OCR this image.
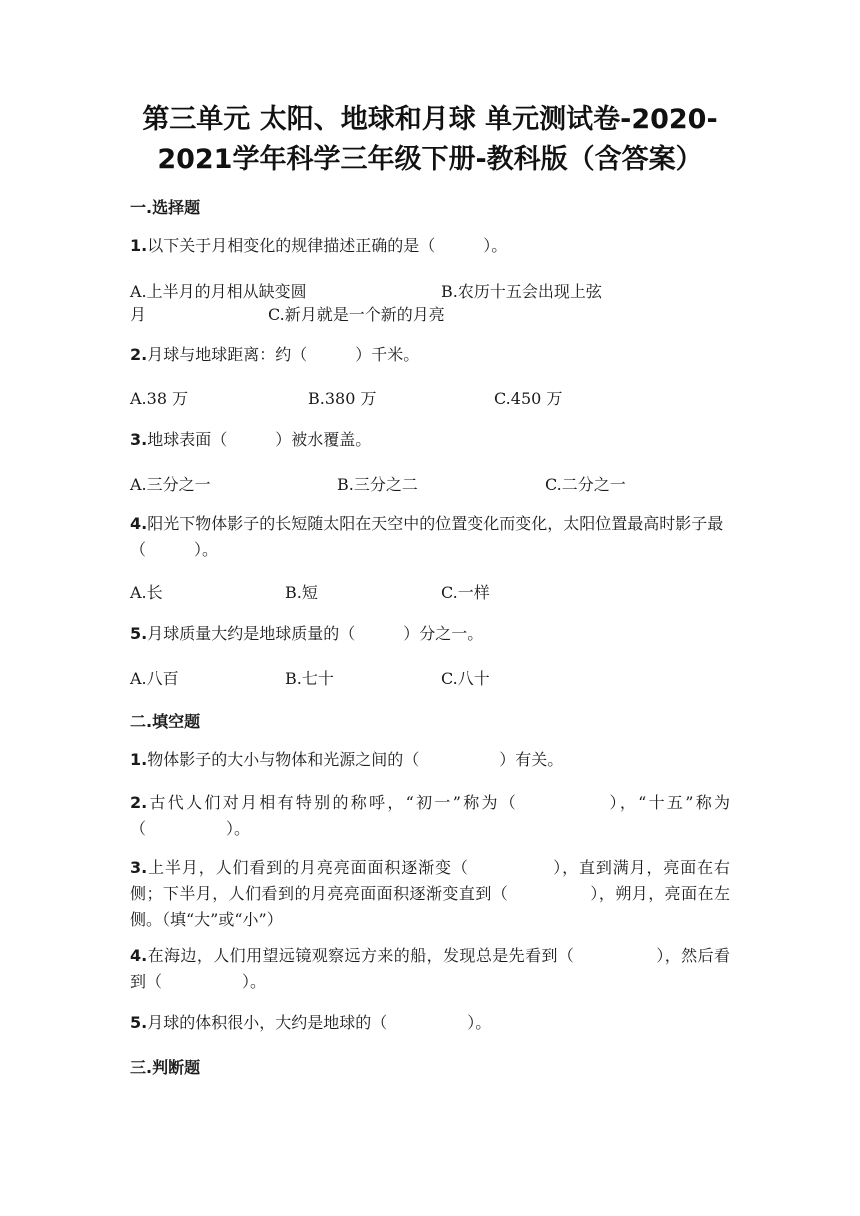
第三单元 太阳、地球和月球 单元测试卷-2020-
2021学年科学三年级下册-教科版（含答案）
一.选择题
1.以下关于月相变化的规律描述正确的是（　　　）。
A.上半月的月相从缺变圆	B.农历十五会出现上弦
月	C.新月就是一个新的月亮
2.月球与地球距离：约（　　　）千米。
A.38 万	B.380 万	C.450 万
3.地球表面（　　　）被水覆盖。
A.三分之一	B.三分之二	C.二分之一
4.阳光下物体影子的长短随太阳在天空中的位置变化而变化，太阳位置最高时影子最（　　　）。
A.长	B.短	C.一样
5.月球质量大约是地球质量的（　　　）分之一。
A.八百	B.七十	C.八十
二.填空题
1.物体影子的大小与物体和光源之间的（　　　　　）有关。
2.古代人们对月相有特别的称呼，“初一”称为（　　　　　），“十五”称为（　　　　　）。
3.上半月，人们看到的月亮亮面面积逐渐变（　　　　　），直到满月，亮面在右侧；下半月，人们看到的月亮亮面面积逐渐变直到（　　　　　），朔月，亮面在左侧。（填“大”或“小”）
4.在海边，人们用望远镜观察远方来的船，发现总是先看到（　　　　　），然后看到（　　　　　）。
5.月球的体积很小，大约是地球的（　　　　　）。
三.判断题
